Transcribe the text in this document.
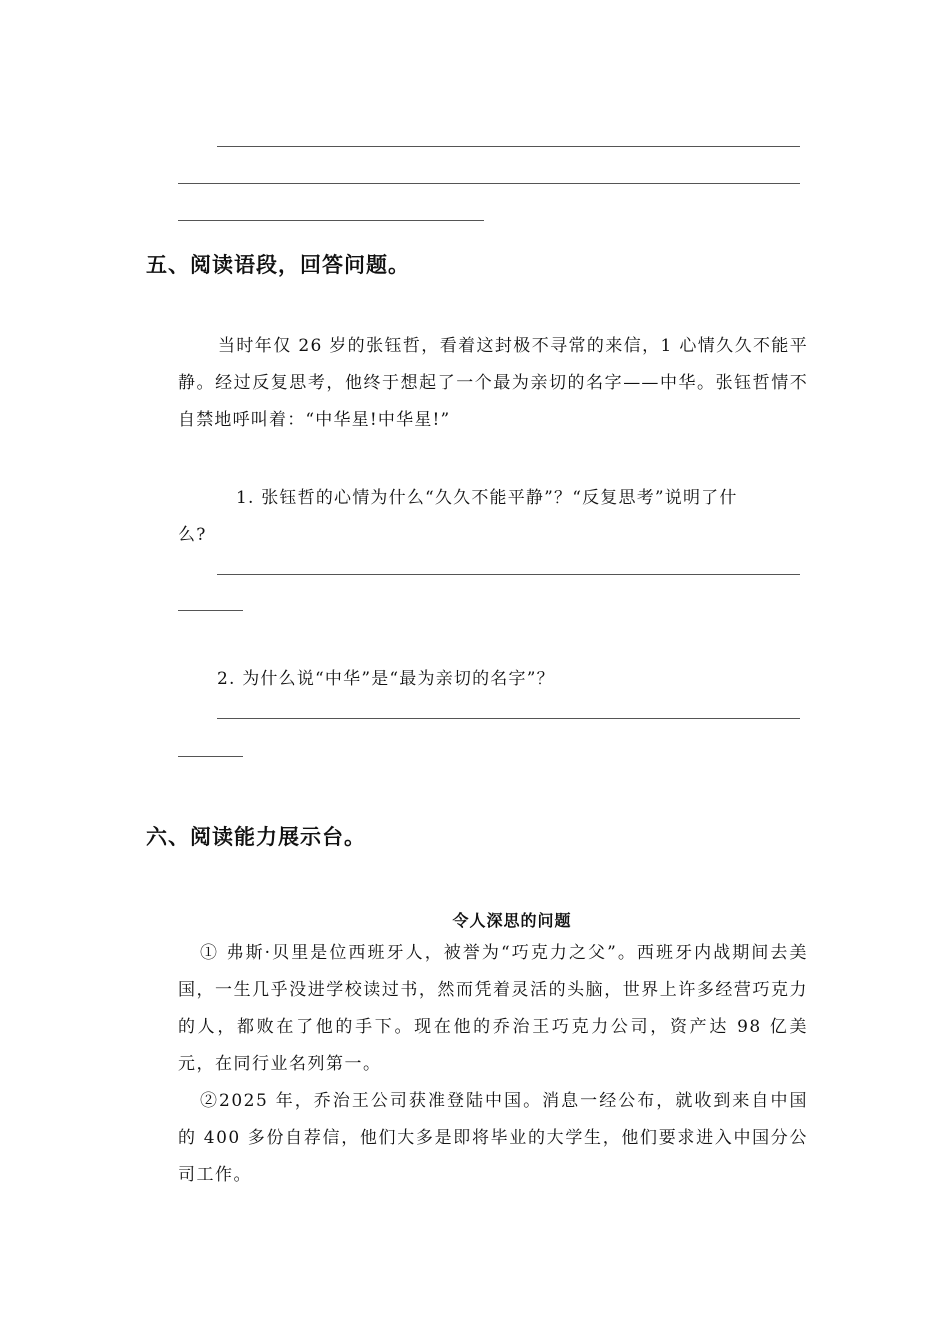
五、阅读语段，回答问题。
当时年仅 26 岁的张钰哲，看着这封极不寻常的来信，1 心情久久不能平静。经过反复思考，他终于想起了一个最为亲切的名字——中华。张钰哲情不自禁地呼叫着：“中华星!中华星!”
1. 张钰哲的心情为什么“久久不能平静”？“反复思考”说明了什
么?
2. 为什么说“中华”是“最为亲切的名字”？
六、阅读能力展示台。
令人深思的问题

① 弗斯·贝里是位西班牙人，被誉为“巧克力之父”。西班牙内战期间去美国，一生几乎没进学校读过书，然而凭着灵活的头脑，世界上许多经营巧克力的人，都败在了他的手下。现在他的乔治王巧克力公司，资产达 98 亿美元，在同行业名列第一。

②2025 年，乔治王公司获准登陆中国。消息一经公布，就收到来自中国的 400 多份自荐信，他们大多是即将毕业的大学生，他们要求进入中国分公司工作。
